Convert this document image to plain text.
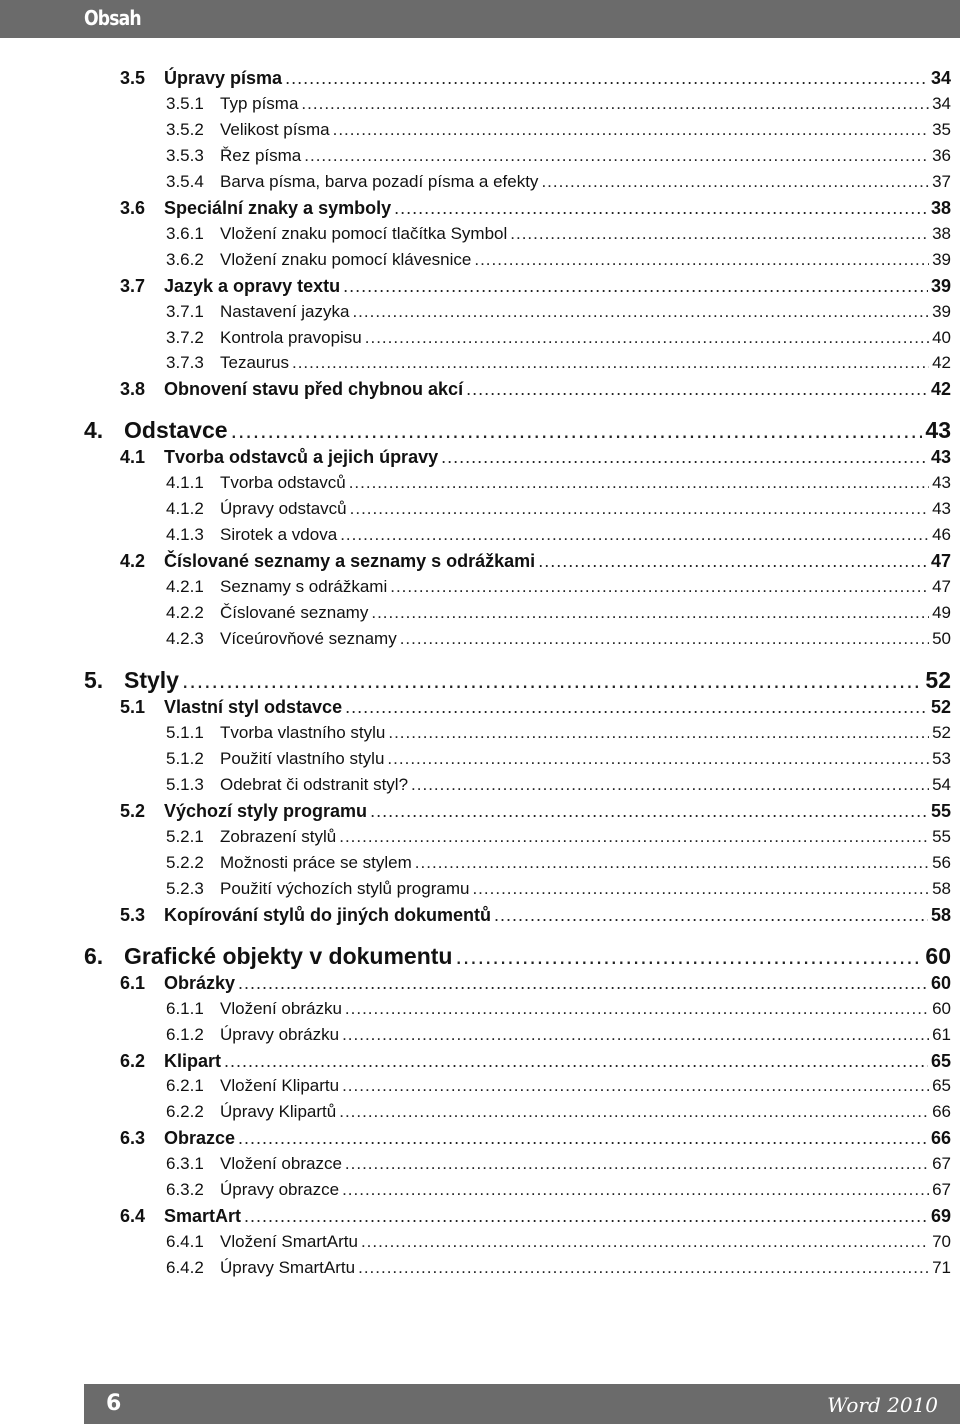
Obsah
3.5	Úpravy písma .....	34
3.5.1 Typ písma .....	34
3.5.2 Velikost písma .....	35
3.5.3 Řez písma .....	36
3.5.4 Barva písma, barva pozadí písma a efekty .....	37
3.6	Speciální znaky a symboly .....	38
3.6.1 Vložení znaku pomocí tlačítka Symbol .....	38
3.6.2 Vložení znaku pomocí klávesnice .....	39
3.7	Jazyk a opravy textu .....	39
3.7.1 Nastavení jazyka .....	39
3.7.2 Kontrola pravopisu .....	40
3.7.3 Tezaurus .....	42
3.8	Obnovení stavu před chybnou akcí .....	42
4. Odstavce .....	43
4.1	Tvorba odstavců a jejich úpravy .....	43
4.1.1 Tvorba odstavců .....	43
4.1.2 Úpravy odstavců .....	43
4.1.3 Sirotek a vdova .....	46
4.2	Číslované seznamy a seznamy s odrážkami .....	47
4.2.1 Seznamy s odrážkami .....	47
4.2.2 Číslované seznamy .....	49
4.2.3 Víceúrovňové seznamy .....	50
5. Styly .....	52
5.1	Vlastní styl odstavce .....	52
5.1.1 Tvorba vlastního stylu .....	52
5.1.2 Použití vlastního stylu .....	53
5.1.3 Odebrat či odstranit styl? .....	54
5.2	Výchozí styly programu .....	55
5.2.1 Zobrazení stylů .....	55
5.2.2 Možnosti práce se stylem .....	56
5.2.3 Použití výchozích stylů programu .....	58
5.3	Kopírování stylů do jiných dokumentů .....	58
6. Grafické objekty v dokumentu .....	60
6.1	Obrázky .....	60
6.1.1 Vložení obrázku .....	60
6.1.2 Úpravy obrázku .....	61
6.2	Klipart .....	65
6.2.1 Vložení Klipartu .....	65
6.2.2 Úpravy Klipartů .....	66
6.3	Obrazce .....	66
6.3.1 Vložení obrazce .....	67
6.3.2 Úpravy obrazce .....	67
6.4	SmartArt .....	69
6.4.1 Vložení SmartArtu .....	70
6.4.2 Úpravy SmartArtu .....	71
6	Word 2010
